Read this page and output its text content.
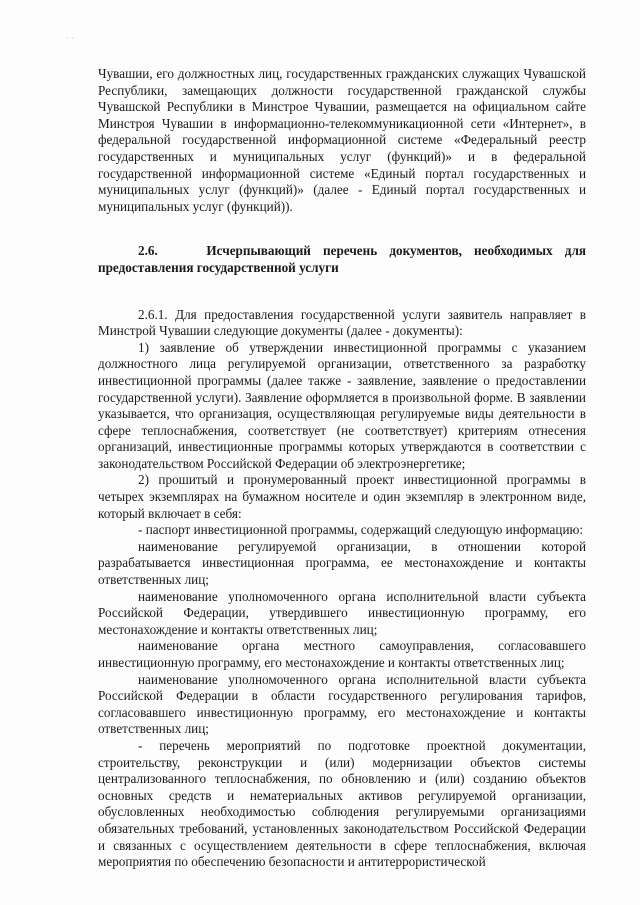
· ·

Чувашии, его должностных лиц, государственных гражданских служащих Чувашской Республики, замещающих должности государственной гражданской службы Чувашской Республики в Минстрое Чувашии, размещается на официальном сайте Минстроя Чувашии в информационно-телекоммуникационной сети «Интернет», в федеральной государственной информационной системе «Федеральный реестр государственных и муниципальных услуг (функций)» и в федеральной государственной информационной системе «Единый портал государственных и муниципальных услуг (функций)» (далее - Единый портал государственных и муниципальных услуг (функций)).

2.6.	Исчерпывающий перечень документов, необходимых для предоставления государственной услуги

2.6.1. Для предоставления государственной услуги заявитель направляет в Минстрой Чувашии следующие документы (далее - документы):

1) заявление об утверждении инвестиционной программы с указанием должностного лица регулируемой организации, ответственного за разработку инвестиционной программы (далее также - заявление, заявление о предоставлении государственной услуги). Заявление оформляется в произвольной форме. В заявлении указывается, что организация, осуществляющая регулируемые виды деятельности в сфере теплоснабжения, соответствует (не соответствует) критериям отнесения организаций, инвестиционные программы которых утверждаются в соответствии с законодательством Российской Федерации об электроэнергетике;

2) прошитый и пронумерованный проект инвестиционной программы в четырех экземплярах на бумажном носителе и один экземпляр в электронном виде, который включает в себя:

- паспорт инвестиционной программы, содержащий следующую информацию:

наименование регулируемой организации, в отношении которой разрабатывается инвестиционная программа, ее местонахождение и контакты ответственных лиц;

наименование уполномоченного органа исполнительной власти субъекта Российской Федерации, утвердившего инвестиционную программу, его местонахождение и контакты ответственных лиц;

наименование органа местного самоуправления, согласовавшего инвестиционную программу, его местонахождение и контакты ответственных лиц;

наименование уполномоченного органа исполнительной власти субъекта Российской Федерации в области государственного регулирования тарифов, согласовавшего инвестиционную программу, его местонахождение и контакты ответственных лиц;

- перечень мероприятий по подготовке проектной документации, строительству, реконструкции и (или) модернизации объектов системы централизованного теплоснабжения, по обновлению и (или) созданию объектов основных средств и нематериальных активов регулируемой организации, обусловленных необходимостью соблюдения регулируемыми организациями обязательных требований, установленных законодательством Российской Федерации и связанных с осуществлением деятельности в сфере теплоснабжения, включая мероприятия по обеспечению безопасности и антитеррористической
